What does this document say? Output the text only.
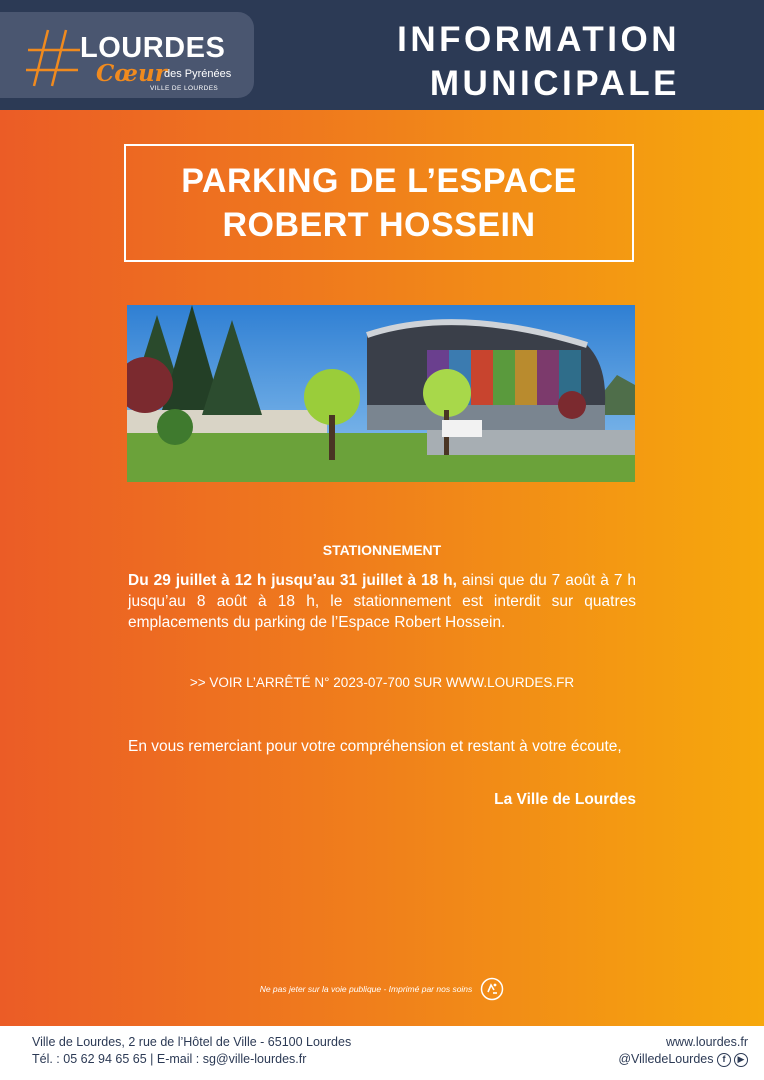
LOURDES
Cœur
des Pyrénées
VILLE DE LOURDES
INFORMATION
MUNICIPALE
PARKING DE L’ESPACE
ROBERT HOSSEIN
STATIONNEMENT
Du 29 juillet à 12 h jusqu’au 31 juillet à 18 h, ainsi que du 7 août à 7 h jusqu’au 8 août à 18 h, le stationnement est interdit sur quatres emplacements du parking de l’Espace Robert Hossein.
>> VOIR L’ARRÊTÉ N° 2023-07-700 SUR WWW.LOURDES.FR
En vous remerciant pour votre compréhension et restant à votre écoute,
La Ville de Lourdes
Ne pas jeter sur la voie publique - Imprimé par nos soins
Ville de Lourdes, 2 rue de l’Hôtel de Ville - 65100 Lourdes
Tél. : 05 62 94 65 65 | E-mail : sg@ville-lourdes.fr
www.lourdes.fr
@VilledeLourdes f	▶
